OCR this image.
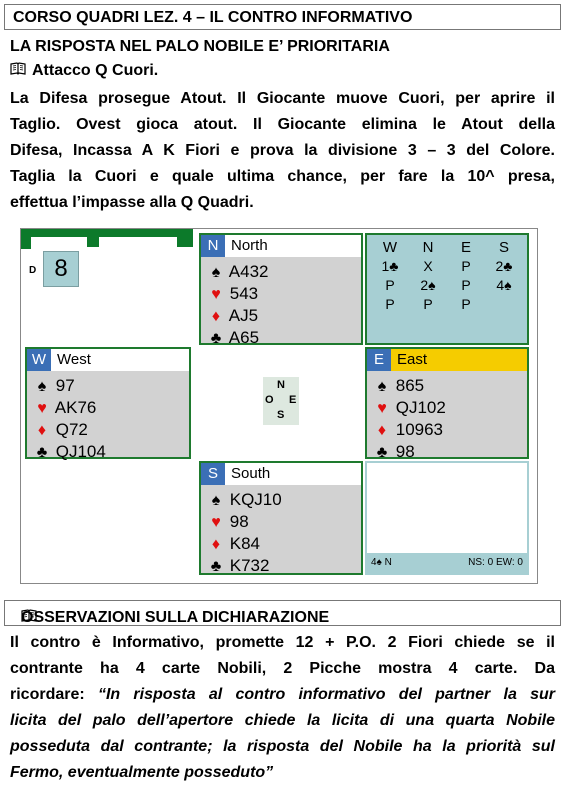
CORSO QUADRI LEZ. 4 – IL CONTRO INFORMATIVO
LA RISPOSTA NEL PALO NOBILE E’ PRIORITARIA
Attacco Q Cuori.
La Difesa prosegue Atout. Il Giocante muove Cuori, per aprire il
Taglio. Ovest gioca atout. Il Giocante elimina le Atout della
Difesa, Incassa A K Fiori e prova la divisione 3 – 3 del Colore.
Taglia la Cuori e quale ultima chance, per fare la 10^ presa,
effettua l’impasse alla Q Quadri.
D 8
N North
♠ A432
♥ 543
♦ AJ5
♣ A65
W	N	E	S
1♣	X	P	2♣
P	2♠	P	4♠
P	P	P
W West
♠ 97
♥ AK76
♦ Q72
♣ QJ104
N
O E
S
E East
♠ 865
♥ QJ102
♦ 10963
♣ 98
S South
♠ KQJ10
♥ 98
♦ K84
♣ K732	4♠ N	NS: 0 EW: 0

OSSERVAZIONI SULLA DICHIARAZIONE
Il contro è Informativo, promette 12 + P.O. 2 Fiori chiede se il
contrante ha 4 carte Nobili, 2 Picche mostra 4 carte. Da
ricordare: “In risposta al contro informativo del partner la sur
licita del palo dell’apertore chiede la licita di una quarta Nobile
posseduta dal contrante; la risposta del Nobile ha la priorità sul
Fermo, eventualmente posseduto”
